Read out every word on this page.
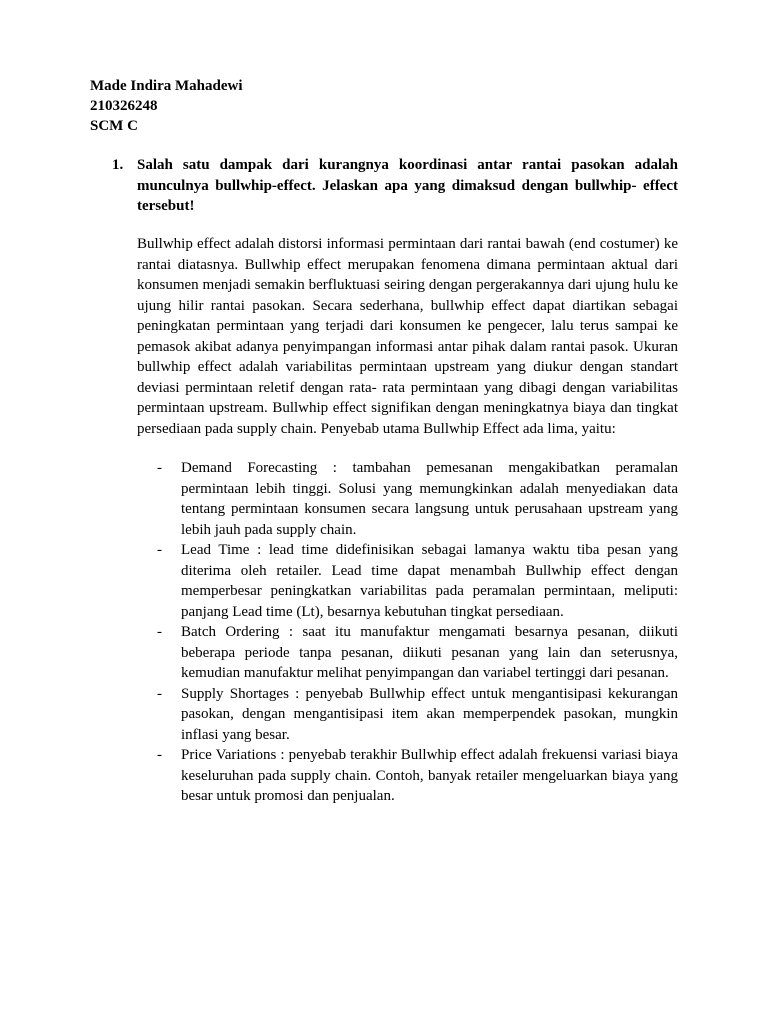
Made Indira Mahadewi
210326248
SCM C
1. Salah satu dampak dari kurangnya koordinasi antar rantai pasokan adalah munculnya bullwhip-effect. Jelaskan apa yang dimaksud dengan bullwhip- effect tersebut!
Bullwhip effect adalah distorsi informasi permintaan dari rantai bawah (end costumer) ke rantai diatasnya. Bullwhip effect merupakan fenomena dimana permintaan aktual dari konsumen menjadi semakin berfluktuasi seiring dengan pergerakannya dari ujung hulu ke ujung hilir rantai pasokan. Secara sederhana, bullwhip effect dapat diartikan sebagai peningkatan permintaan yang terjadi dari konsumen ke pengecer, lalu terus sampai ke pemasok akibat adanya penyimpangan informasi antar pihak dalam rantai pasok. Ukuran bullwhip effect adalah variabilitas permintaan upstream yang diukur dengan standart deviasi permintaan reletif dengan rata- rata permintaan yang dibagi dengan variabilitas permintaan upstream. Bullwhip effect signifikan dengan meningkatnya biaya dan tingkat persediaan pada supply chain. Penyebab utama Bullwhip Effect ada lima, yaitu:
- Demand Forecasting : tambahan pemesanan mengakibatkan peramalan permintaan lebih tinggi. Solusi yang memungkinkan adalah menyediakan data tentang permintaan konsumen secara langsung untuk perusahaan upstream yang lebih jauh pada supply chain.
- Lead Time : lead time didefinisikan sebagai lamanya waktu tiba pesan yang diterima oleh retailer. Lead time dapat menambah Bullwhip effect dengan memperbesar peningkatkan variabilitas pada peramalan permintaan, meliputi: panjang Lead time (Lt), besarnya kebutuhan tingkat persediaan.
- Batch Ordering : saat itu manufaktur mengamati besarnya pesanan, diikuti beberapa periode tanpa pesanan, diikuti pesanan yang lain dan seterusnya, kemudian manufaktur melihat penyimpangan dan variabel tertinggi dari pesanan.
- Supply Shortages : penyebab Bullwhip effect untuk mengantisipasi kekurangan pasokan, dengan mengantisipasi item akan memperpendek pasokan, mungkin inflasi yang besar.
- Price Variations : penyebab terakhir Bullwhip effect adalah frekuensi variasi biaya keseluruhan pada supply chain. Contoh, banyak retailer mengeluarkan biaya yang besar untuk promosi dan penjualan.
